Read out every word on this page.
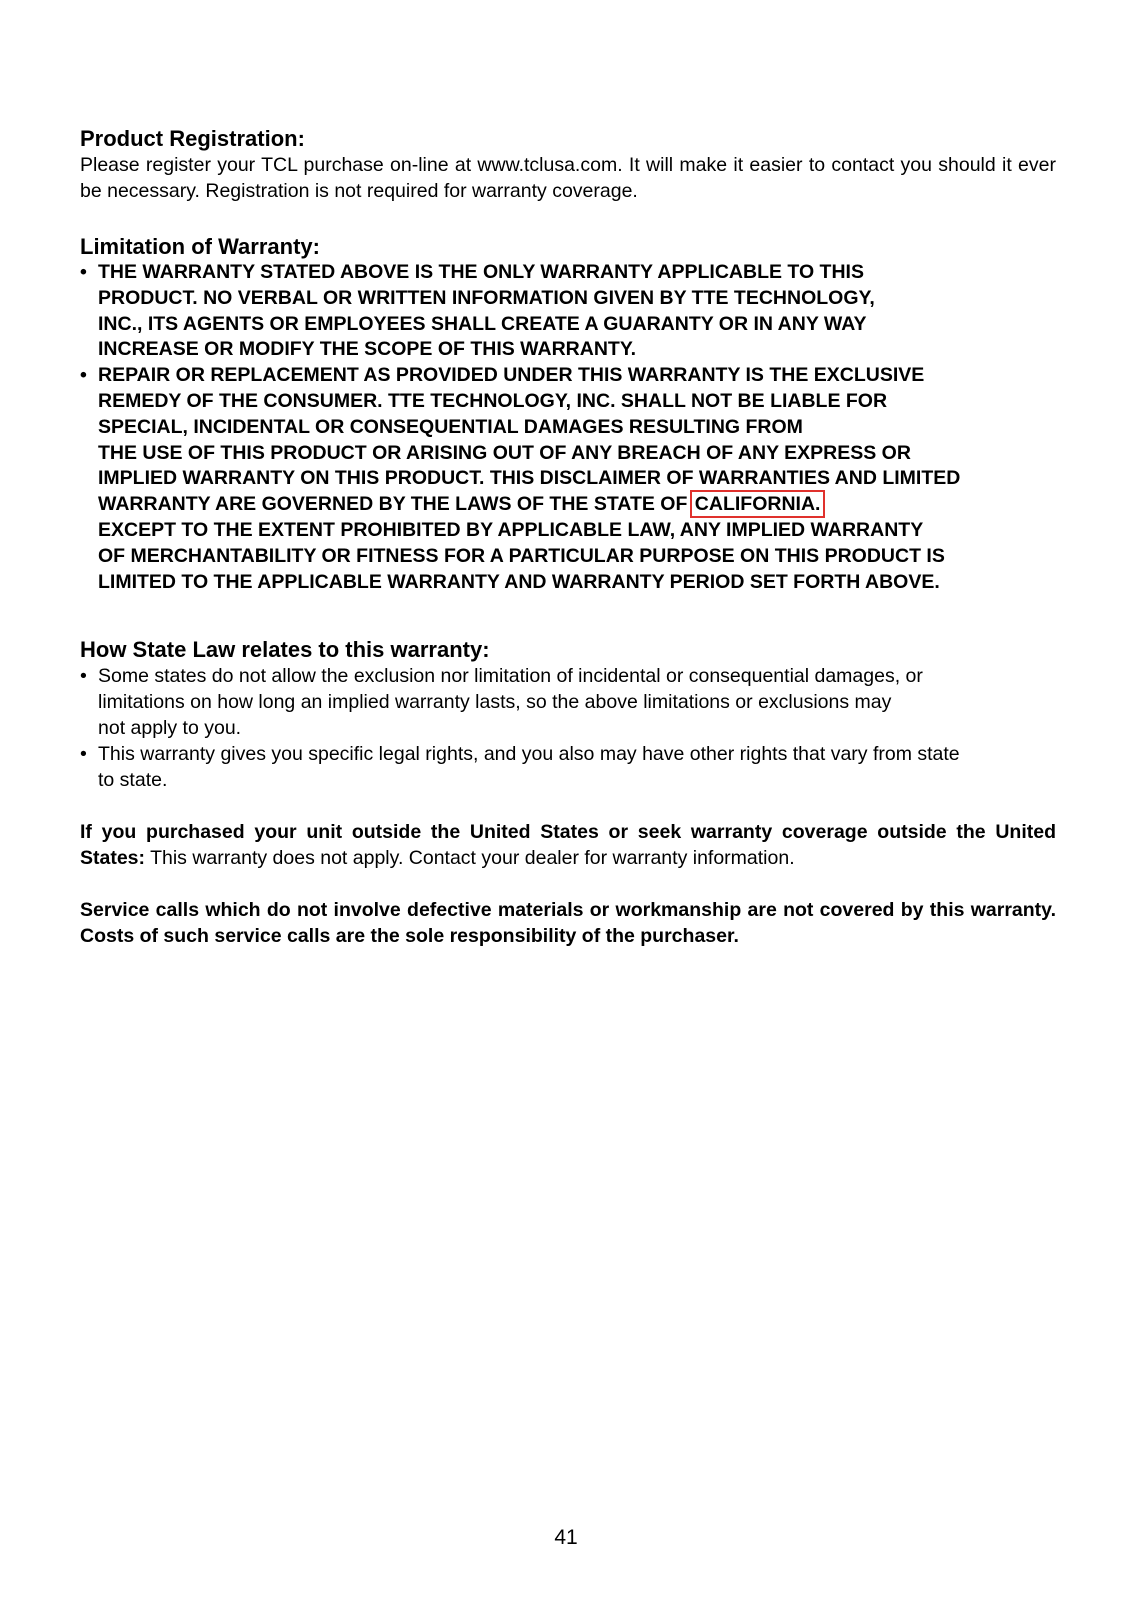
Product Registration:

Please register your TCL purchase on-line at www.tclusa.com. It will make it easier to contact you should it ever be necessary. Registration is not required for warranty coverage.

Limitation of Warranty:
• THE WARRANTY STATED ABOVE IS THE ONLY WARRANTY APPLICABLE TO THIS
PRODUCT. NO VERBAL OR WRITTEN INFORMATION GIVEN BY TTE TECHNOLOGY,
INC., ITS AGENTS OR EMPLOYEES SHALL CREATE A GUARANTY OR IN ANY WAY
INCREASE OR MODIFY THE SCOPE OF THIS WARRANTY.
• REPAIR OR REPLACEMENT AS PROVIDED UNDER THIS WARRANTY IS THE EXCLUSIVE
REMEDY OF THE CONSUMER. TTE TECHNOLOGY, INC. SHALL NOT BE LIABLE FOR
SPECIAL, INCIDENTAL OR CONSEQUENTIAL DAMAGES RESULTING FROM
THE USE OF THIS PRODUCT OR ARISING OUT OF ANY BREACH OF ANY EXPRESS OR
IMPLIED WARRANTY ON THIS PRODUCT. THIS DISCLAIMER OF WARRANTIES AND LIMITED
WARRANTY ARE GOVERNED BY THE LAWS OF THE STATE OF CALIFORNIA.
EXCEPT TO THE EXTENT PROHIBITED BY APPLICABLE LAW, ANY IMPLIED WARRANTY
OF MERCHANTABILITY OR FITNESS FOR A PARTICULAR PURPOSE ON THIS PRODUCT IS
LIMITED TO THE APPLICABLE WARRANTY AND WARRANTY PERIOD SET FORTH ABOVE.
How State Law relates to this warranty:
• Some states do not allow the exclusion nor limitation of incidental or consequential damages, or
limitations on how long an implied warranty lasts, so the above limitations or exclusions may
not apply to you.
• This warranty gives you specific legal rights, and you also may have other rights that vary from state
to state.

If you purchased your unit outside the United States or seek warranty coverage outside the United States: This warranty does not apply. Contact your dealer for warranty information.

Service calls which do not involve defective materials or workmanship are not covered by this warranty. Costs of such service calls are the sole responsibility of the purchaser.

41
